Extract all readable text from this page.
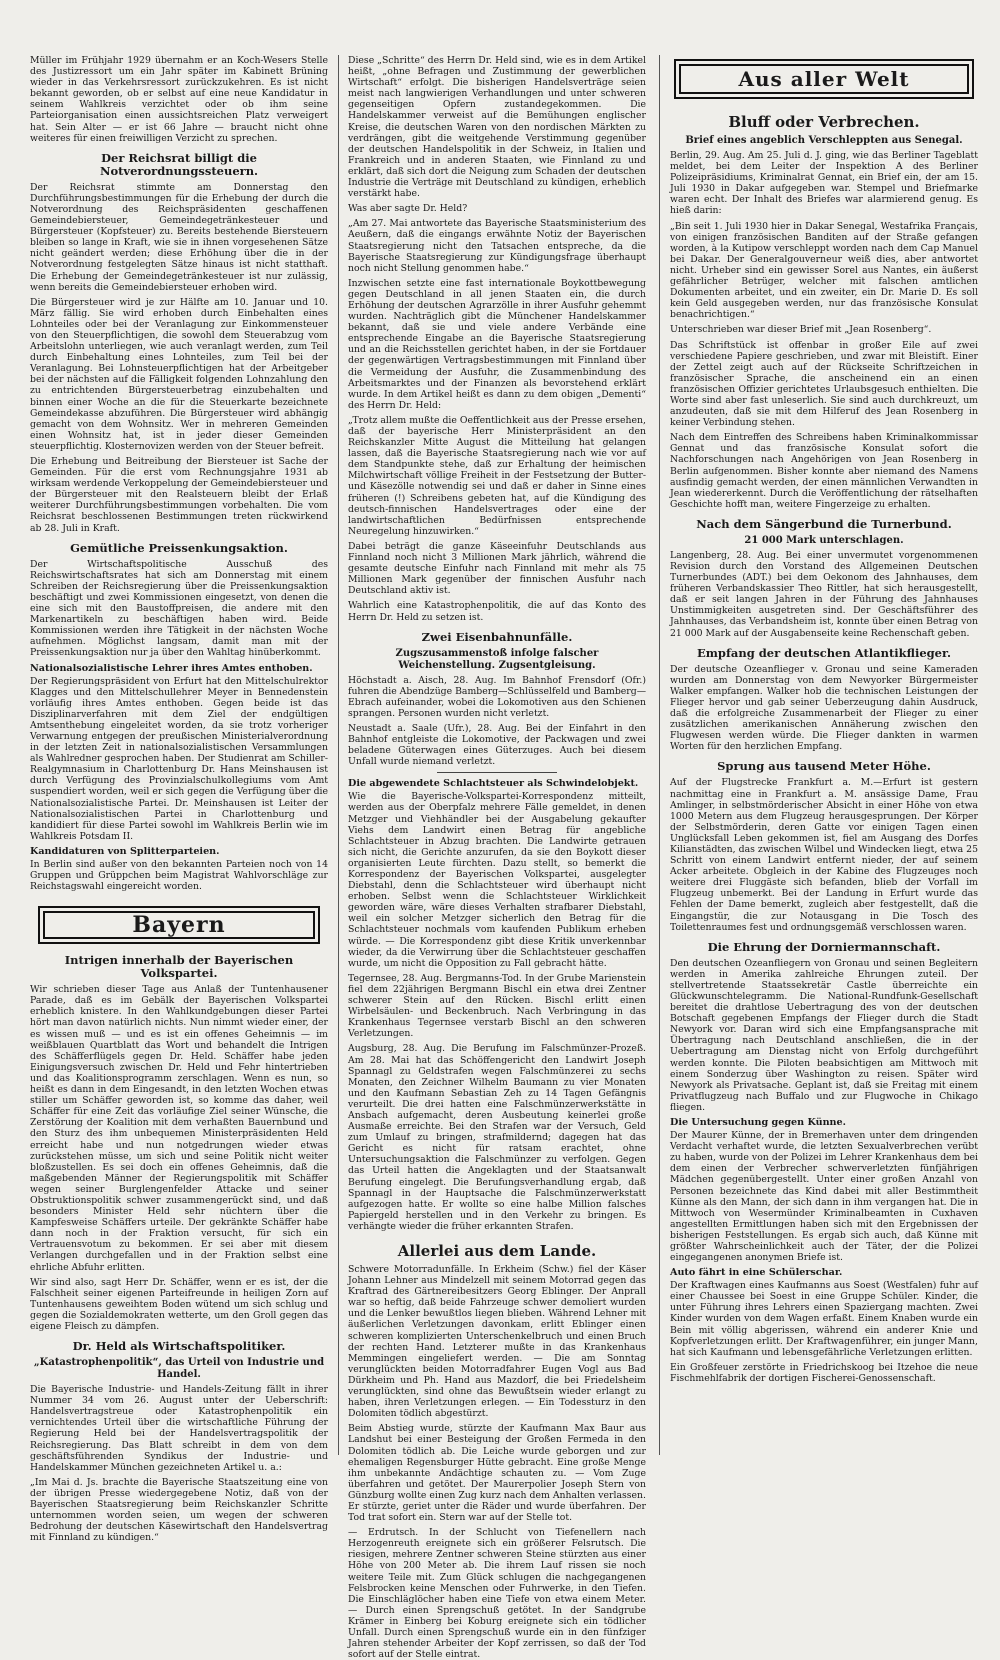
Müller im Frühjahr 1929 übernahm er an Koch-Wesers Stelle des Justizressort um ein Jahr später im Kabinett Brüning wieder in das Verkehrsressort zurückzukehren. Es ist nicht bekannt geworden, ob er selbst auf eine neue Kandidatur in seinem Wahlkreis verzichtet oder ob ihm seine Parteiorganisation einen aussichtsreichen Platz verweigert hat. Sein Alter — er ist 66 Jahre — braucht nicht ohne weiteres für einen freiwilligen Verzicht zu sprechen.

Der Reichsrat billigt die Notverordnungssteuern.

Der Reichsrat stimmte am Donnerstag den Durchführungsbestimmungen für die Erhebung der durch die Notverordnung des Reichspräsidenten geschaffenen Gemeindebiersteuer, Gemeindegetränkesteuer und Bürgersteuer (Kopfsteuer) zu. Bereits bestehende Biersteuern bleiben so lange in Kraft, wie sie in ihnen vorgesehenen Sätze nicht geändert werden; diese Erhöhung über die in der Notverordnung festgelegten Sätze hinaus ist nicht statthaft. Die Erhebung der Gemeindegetränkesteuer ist nur zulässig, wenn bereits die Gemeindebiersteuer erhoben wird.

Die Bürgersteuer wird je zur Hälfte am 10. Januar und 10. März fällig. Sie wird erhoben durch Einbehalten eines Lohnteiles oder bei der Veranlagung zur Einkommensteuer von den Steuerpflichtigen, die sowohl dem Steuerabzug vom Arbeitslohn unterliegen, wie auch veranlagt werden, zum Teil durch Einbehaltung eines Lohnteiles, zum Teil bei der Veranlagung. Bei Lohnsteuerpflichtigen hat der Arbeitgeber bei der nächsten auf die Fälligkeit folgenden Lohnzahlung den zu entrichtenden Bürgersteuerbetrag einzubehalten und binnen einer Woche an die für die Steuerkarte bezeichnete Gemeindekasse abzuführen. Die Bürgersteuer wird abhängig gemacht von dem Wohnsitz. Wer in mehreren Gemeinden einen Wohnsitz hat, ist in jeder dieser Gemeinden steuerpflichtig. Klosternovizen werden von der Steuer befreit.

Die Erhebung und Beitreibung der Biersteuer ist Sache der Gemeinden. Für die erst vom Rechnungsjahre 1931 ab wirksam werdende Verkoppelung der Gemeindebiersteuer und der Bürgersteuer mit den Realsteuern bleibt der Erlaß weiterer Durchführungsbestimmungen vorbehalten. Die vom Reichsrat beschlossenen Bestimmungen treten rückwirkend ab 28. Juli in Kraft.

Gemütliche Preissenkungsaktion.

Der Wirtschaftspolitische Ausschuß des Reichswirtschaftsrates hat sich am Donnerstag mit einem Schreiben der Reichsregierung über die Preissenkungsaktion beschäftigt und zwei Kommissionen eingesetzt, von denen die eine sich mit den Baustoffpreisen, die andere mit den Markenartikeln zu beschäftigen haben wird. Beide Kommissionen werden ihre Tätigkeit in der nächsten Woche aufnehmen. Möglichst langsam, damit man mit der Preissenkungsaktion nur ja über den Wahltag hinüberkommt.

Nationalsozialistische Lehrer ihres Amtes enthoben.

Der Regierungspräsident von Erfurt hat den Mittelschulrektor Klagges und den Mittelschullehrer Meyer in Bennedenstein vorläufig ihres Amtes enthoben. Gegen beide ist das Disziplinarverfahren mit dem Ziel der endgültigen Amtsenthebung eingeleitet worden, da sie trotz vorheriger Verwarnung entgegen der preußischen Ministerialverordnung in der letzten Zeit in nationalsozialistischen Versammlungen als Wahlredner gesprochen haben. Der Studienrat am Schiller-Realgymnasium in Charlottenburg Dr. Hans Meinshausen ist durch Verfügung des Provinzialschulkollegiums vom Amt suspendiert worden, weil er sich gegen die Verfügung über die Nationalsozialistische Partei. Dr. Meinshausen ist Leiter der Nationalsozialistischen Partei in Charlottenburg und kandidiert für diese Partei sowohl im Wahlkreis Berlin wie im Wahlkreis Potsdam II.

Kandidaturen von Splitterparteien.

In Berlin sind außer von den bekannten Parteien noch von 14 Gruppen und Grüppchen beim Magistrat Wahlvorschläge zur Reichstagswahl eingereicht worden.

Bayern
Intrigen innerhalb der Bayerischen Volkspartei.

Wir schrieben dieser Tage aus Anlaß der Tuntenhausener Parade, daß es im Gebälk der Bayerischen Volkspartei erheblich knistere. In den Wahlkundgebungen dieser Partei hört man davon natürlich nichts. Nun nimmt wieder einer, der es wissen muß — und es ist ein offenes Geheimnis — im weißblauen Quartblatt das Wort und behandelt die Intrigen des Schäfferflügels gegen Dr. Held. Schäffer habe jeden Einigungsversuch zwischen Dr. Held und Fehr hintertrieben und das Koalitionsprogramm zerschlagen. Wenn es nun, so heißt es dann in dem Eingesandt, in den letzten Wochen etwas stiller um Schäffer geworden ist, so komme das daher, weil Schäffer für eine Zeit das vorläufige Ziel seiner Wünsche, die Zerstörung der Koalition mit dem verhaßten Bauernbund und den Sturz des ihm unbequemen Ministerpräsidenten Held erreicht habe und nun notgedrungen wieder etwas zurückstehen müsse, um sich und seine Politik nicht weiter bloßzustellen. Es sei doch ein offenes Geheimnis, daß die maßgebenden Männer der Regierungspolitik mit Schäffer wegen seiner Burglengenfelder Attacke und seiner Obstruktionspolitik schwer zusammengerückt sind, und daß besonders Minister Held sehr nüchtern über die Kampfesweise Schäffers urteile. Der gekränkte Schäffer habe dann noch in der Fraktion versucht, für sich ein Vertrauensvotum zu bekommen. Er sei aber mit diesem Verlangen durchgefallen und in der Fraktion selbst eine ehrliche Abfuhr erlitten.

Wir sind also, sagt Herr Dr. Schäffer, wenn er es ist, der die Falschheit seiner eigenen Parteifreunde in heiligen Zorn auf Tuntenhausens geweihtem Boden wütend um sich schlug und gegen die Sozialdemokraten wetterte, um den Groll gegen das eigene Fleisch zu dämpfen.

Dr. Held als Wirtschaftspolitiker.
„Katastrophenpolitik“, das Urteil von Industrie und Handel.

Die Bayerische Industrie- und Handels-Zeitung fällt in ihrer Nummer 34 vom 26. August unter der Ueberschrift: Handelsvertragstreue oder Katastrophenpolitik ein vernichtendes Urteil über die wirtschaftliche Führung der Regierung Held bei der Handelsvertragspolitik der Reichsregierung. Das Blatt schreibt in dem von dem geschäftsführenden Syndikus der Industrie- und Handelskammer München gezeichneten Artikel u. a.:

„Im Mai d. Js. brachte die Bayerische Staatszeitung eine von der übrigen Presse wiedergegebene Notiz, daß von der Bayerischen Staatsregierung beim Reichskanzler Schritte unternommen worden seien, um wegen der schweren Bedrohung der deutschen Käsewirtschaft den Handelsvertrag mit Finnland zu kündigen.“

Diese „Schritte“ des Herrn Dr. Held sind, wie es in dem Artikel heißt, „ohne Befragen und Zustimmung der gewerblichen Wirtschaft“ erfolgt. Die bisherigen Handelsverträge seien meist nach langwierigen Verhandlungen und unter schweren gegenseitigen Opfern zustandegekommen. Die Handelskammer verweist auf die Bemühungen englischer Kreise, die deutschen Waren von den nordischen Märkten zu verdrängen, gibt die weitgehende Verstimmung gegenüber der deutschen Handelspolitik in der Schweiz, in Italien und Frankreich und in anderen Staaten, wie Finnland zu und erklärt, daß sich dort die Neigung zum Schaden der deutschen Industrie die Verträge mit Deutschland zu kündigen, erheblich verstärkt habe.

Was aber sagte Dr. Held?

„Am 27. Mai antwortete das Bayerische Staatsministerium des Aeußern, daß die eingangs erwähnte Notiz der Bayerischen Staatsregierung nicht den Tatsachen entspreche, da die Bayerische Staatsregierung zur Kündigungsfrage überhaupt noch nicht Stellung genommen habe.“

Inzwischen setzte eine fast internationale Boykottbewegung gegen Deutschland in all jenen Staaten ein, die durch Erhöhung der deutschen Agrarzölle in ihrer Ausfuhr gehemmt wurden. Nachträglich gibt die Münchener Handelskammer bekannt, daß sie und viele andere Verbände eine entsprechende Eingabe an die Bayerische Staatsregierung und an die Reichsstellen gerichtet haben, in der sie Fortdauer der gegenwärtigen Vertragsbestimmungen mit Finnland über die Vermeidung der Ausfuhr, die Zusammenbindung des Arbeitsmarktes und der Finanzen als bevorstehend erklärt wurde. In dem Artikel heißt es dann zu dem obigen „Dementi“ des Herrn Dr. Held:

„Trotz allem mußte die Oeffentlichkeit aus der Presse ersehen, daß der bayerische Herr Ministerpräsident an den Reichskanzler Mitte August die Mitteilung hat gelangen lassen, daß die Bayerische Staatsregierung nach wie vor auf dem Standpunkte stehe, daß zur Erhaltung der heimischen Milchwirtschaft völlige Freiheit in der Festsetzung der Butter- und Käsezölle notwendig sei und daß er daher in Sinne eines früheren (!) Schreibens gebeten hat, auf die Kündigung des deutsch-finnischen Handelsvertrages oder eine der landwirtschaftlichen Bedürfnissen entsprechende Neuregelung hinzuwirken.“

Dabei beträgt die ganze Käseeinfuhr Deutschlands aus Finnland noch nicht 3 Millionen Mark jährlich, während die gesamte deutsche Einfuhr nach Finnland mit mehr als 75 Millionen Mark gegenüber der finnischen Ausfuhr nach Deutschland aktiv ist.

Wahrlich eine Katastrophenpolitik, die auf das Konto des Herrn Dr. Held zu setzen ist.

Zwei Eisenbahnunfälle.
Zugszusammenstoß infolge falscher Weichenstellung. Zugsentgleisung.

Höchstadt a. Aisch, 28. Aug. Im Bahnhof Frensdorf (Ofr.) fuhren die Abendzüge Bamberg—Schlüsselfeld und Bamberg—Ebrach aufeinander, wobei die Lokomotiven aus den Schienen sprangen. Personen wurden nicht verletzt.

Neustadt a. Saale (Ufr.), 28. Aug. Bei der Einfahrt in den Bahnhof entgleiste die Lokomotive, der Packwagen und zwei beladene Güterwagen eines Güterzuges. Auch bei diesem Unfall wurde niemand verletzt.

Die abgewendete Schlachtsteuer als Schwindelobjekt.

Wie die Bayerische-Volkspartei-Korrespondenz mitteilt, werden aus der Oberpfalz mehrere Fälle gemeldet, in denen Metzger und Viehhändler bei der Ausgabelung gekaufter Viehs dem Landwirt einen Betrag für angebliche Schlachtsteuer in Abzug brachten. Die Landwirte getrauen sich nicht, die Gerichte anzurufen, da sie den Boykott dieser organisierten Leute fürchten. Dazu stellt, so bemerkt die Korrespondenz der Bayerischen Volkspartei, ausgelegter Diebstahl, denn die Schlachtsteuer wird überhaupt nicht erhoben. Selbst wenn die Schlachtsteuer Wirklichkeit geworden wäre, wäre dieses Verhalten strafbarer Diebstahl, weil ein solcher Metzger sicherlich den Betrag für die Schlachtsteuer nochmals vom kaufenden Publikum erheben würde. — Die Korrespondenz gibt diese Kritik unverkennbar wieder, da die Verwirrung über die Schlachtsteuer geschaffen wurde, um nicht die Opposition zu Fall gebracht hätte.

Tegernsee, 28. Aug. Bergmanns-Tod. In der Grube Marienstein fiel dem 22jährigen Bergmann Bischl ein etwa drei Zentner schwerer Stein auf den Rücken. Bischl erlitt einen Wirbelsäulen- und Beckenbruch. Nach Verbringung in das Krankenhaus Tegernsee verstarb Bischl an den schweren Verletzungen.

Augsburg, 28. Aug. Die Berufung im Falschmünzer-Prozeß. Am 28. Mai hat das Schöffengericht den Landwirt Joseph Spannagl zu Geldstrafen wegen Falschmünzerei zu sechs Monaten, den Zeichner Wilhelm Baumann zu vier Monaten und den Kaufmann Sebastian Zeh zu 14 Tagen Gefängnis verurteilt. Die drei hatten eine Falschmünzerwerkstätte in Ansbach aufgemacht, deren Ausbeutung keinerlei große Ausmaße erreichte. Bei den Strafen war der Versuch, Geld zum Umlauf zu bringen, strafmildernd; dagegen hat das Gericht es nicht für ratsam erachtet, ohne Untersuchungsaktion die Falschmünzer zu verfolgen. Gegen das Urteil hatten die Angeklagten und der Staatsanwalt Berufung eingelegt. Die Berufungsverhandlung ergab, daß Spannagl in der Hauptsache die Falschmünzerwerkstatt aufgezogen hatte. Er wollte so eine halbe Million falsches Papiergeld herstellen und in den Verkehr zu bringen. Es verhängte wieder die früher erkannten Strafen.

Allerlei aus dem Lande.

Schwere Motorradunfälle. In Erkheim (Schw.) fiel der Käser Johann Lehner aus Mindelzell mit seinem Motorrad gegen das Kraftrad des Gärtnereibesitzers Georg Eblinger. Der Anprall war so heftig, daß beide Fahrzeuge schwer demoliert wurden und die Lenker bewußtlos liegen blieben. Während Lehner mit äußerlichen Verletzungen davonkam, erlitt Eblinger einen schweren komplizierten Unterschenkelbruch und einen Bruch der rechten Hand. Letzterer mußte in das Krankenhaus Memmingen eingeliefert werden. — Die am Sonntag verunglückten beiden Motorradfahrer Eugen Vogl aus Bad Dürkheim und Ph. Hand aus Mazdorf, die bei Friedelsheim verunglückten, sind ohne das Bewußtsein wieder erlangt zu haben, ihren Verletzungen erlegen. — Ein Todessturz in den Dolomiten tödlich abgestürzt.

Beim Abstieg wurde, stürzte der Kaufmann Max Baur aus Landshut bei einer Besteigung der Großen Fermeda in den Dolomiten tödlich ab. Die Leiche wurde geborgen und zur ehemaligen Regensburger Hütte gebracht. Eine große Menge ihm unbekannte Andächtige schauten zu. — Vom Zuge überfahren und getötet. Der Maurerpolier Joseph Stern von Günzburg wollte einen Zug kurz nach dem Anhalten verlassen. Er stürzte, geriet unter die Räder und wurde überfahren. Der Tod trat sofort ein. Stern war auf der Stelle tot.

— Erdrutsch. In der Schlucht von Tiefenellern nach Herzogenreuth ereignete sich ein größerer Felsrutsch. Die riesigen, mehrere Zentner schweren Steine stürzten aus einer Höhe von 200 Meter ab. Die ihrem Lauf rissen sie noch weitere Teile mit. Zum Glück schlugen die nachgegangenen Felsbrocken keine Menschen oder Fuhrwerke, in den Tiefen. Die Einschläglöcher haben eine Tiefe von etwa einem Meter. — Durch einen Sprengschuß getötet. In der Sandgrube Krämer in Einberg bei Koburg ereignete sich ein tödlicher Unfall. Durch einen Sprengschuß wurde ein in den fünfziger Jahren stehender Arbeiter der Kopf zerrissen, so daß der Tod sofort auf der Stelle eintrat.

Aus aller Welt
Bluff oder Verbrechen.
Brief eines angeblich Verschleppten aus Senegal.

Berlin, 29. Aug. Am 25. Juli d. J. ging, wie das Berliner Tageblatt meldet, bei dem Leiter der Inspektion A des Berliner Polizeipräsidiums, Kriminalrat Gennat, ein Brief ein, der am 15. Juli 1930 in Dakar aufgegeben war. Stempel und Briefmarke waren echt. Der Inhalt des Briefes war alarmierend genug. Es hieß darin:

„Bin seit 1. Juli 1930 hier in Dakar Senegal, Westafrika Français, von einigen französischen Banditen auf der Straße gefangen worden, à la Kutipow verschleppt worden nach dem Cap Manuel bei Dakar. Der Generalgouverneur weiß dies, aber antwortet nicht. Urheber sind ein gewisser Sorel aus Nantes, ein äußerst gefährlicher Betrüger, welcher mit falschen amtlichen Dokumenten arbeitet, und ein zweiter, ein Dr. Marie D. Es soll kein Geld ausgegeben werden, nur das französische Konsulat benachrichtigen.“

Unterschrieben war dieser Brief mit „Jean Rosenberg“.

Das Schriftstück ist offenbar in großer Eile auf zwei verschiedene Papiere geschrieben, und zwar mit Bleistift. Einer der Zettel zeigt auch auf der Rückseite Schriftzeichen in französischer Sprache, die anscheinend ein an einen französischen Offizier gerichtetes Urlaubsgesuch enthielten. Die Worte sind aber fast unleserlich. Sie sind auch durchkreuzt, um anzudeuten, daß sie mit dem Hilferuf des Jean Rosenberg in keiner Verbindung stehen.

Nach dem Eintreffen des Schreibens haben Kriminalkommissar Gennat und das französische Konsulat sofort die Nachforschungen nach Angehörigen von Jean Rosenberg in Berlin aufgenommen. Bisher konnte aber niemand des Namens ausfindig gemacht werden, der einen männlichen Verwandten in Jean wiedererkennt. Durch die Veröffentlichung der rätselhaften Geschichte hofft man, weitere Fingerzeige zu erhalten.

Nach dem Sängerbund die Turnerbund.
21 000 Mark unterschlagen.

Langenberg, 28. Aug. Bei einer unvermutet vorgenommenen Revision durch den Vorstand des Allgemeinen Deutschen Turnerbundes (ADT.) bei dem Oekonom des Jahnhauses, dem früheren Verbandskassier Theo Rittler, hat sich herausgestellt, daß er seit langen Jahren in der Führung des Jahnhauses Unstimmigkeiten ausgetreten sind. Der Geschäftsführer des Jahnhauses, das Verbandsheim ist, konnte über einen Betrag von 21 000 Mark auf der Ausgabenseite keine Rechenschaft geben.

Empfang der deutschen Atlantikflieger.

Der deutsche Ozeanflieger v. Gronau und seine Kameraden wurden am Donnerstag von dem Newyorker Bürgermeister Walker empfangen. Walker hob die technischen Leistungen der Flieger hervor und gab seiner Ueberzeugung dahin Ausdruck, daß die erfolgreiche Zusammenarbeit der Flieger zu einer zusätzlichen amerikanischen Annäherung zwischen den Flugwesen werden würde. Die Flieger dankten in warmen Worten für den herzlichen Empfang.

Sprung aus tausend Meter Höhe.

Auf der Flugstrecke Frankfurt a. M.—Erfurt ist gestern nachmittag eine in Frankfurt a. M. ansässige Dame, Frau Amlinger, in selbstmörderischer Absicht in einer Höhe von etwa 1000 Metern aus dem Flugzeug herausgesprungen. Der Körper der Selbstmörderin, deren Gatte vor einigen Tagen einen Unglücksfall Leben gekommen ist, fiel am Ausgang des Dorfes Kilianstädten, das zwischen Wilbel und Windecken liegt, etwa 25 Schritt von einem Landwirt entfernt nieder, der auf seinem Acker arbeitete. Obgleich in der Kabine des Flugzeuges noch weitere drei Fluggäste sich befanden, blieb der Vorfall im Flugzeug unbemerkt. Bei der Landung in Erfurt wurde das Fehlen der Dame bemerkt, zugleich aber festgestellt, daß die Eingangstür, die zur Notausgang in Die Tosch des Toilettenraumes fest und ordnungsgemäß verschlossen waren.

Die Ehrung der Dorniermannschaft.

Den deutschen Ozeanfliegern von Gronau und seinen Begleitern werden in Amerika zahlreiche Ehrungen zuteil. Der stellvertretende Staatssekretär Castle überreichte ein Glückwunschtelegramm. Die National-Rundfunk-Gesellschaft bereitet die drahtlose Uebertragung des von der deutschen Botschaft gegebenen Empfangs der Flieger durch die Stadt Newyork vor. Daran wird sich eine Empfangsansprache mit Übertragung nach Deutschland anschließen, die in der Uebertragung am Dienstag nicht von Erfolg durchgeführt werden konnte. Die Piloten beabsichtigen am Mittwoch mit einem Sonderzug über Washington zu reisen. Später wird Newyork als Privatsache. Geplant ist, daß sie Freitag mit einem Privatflugzeug nach Buffalo und zur Flugwoche in Chikago fliegen.

Die Untersuchung gegen Künne.

Der Maurer Künne, der in Bremerhaven unter dem dringenden Verdacht verhaftet wurde, die letzten Sexualverbrechen verübt zu haben, wurde von der Polizei im Lehrer Krankenhaus dem bei dem einen der Verbrecher schwerverletzten fünfjährigen Mädchen gegenübergestellt. Unter einer großen Anzahl von Personen bezeichnete das Kind dabei mit aller Bestimmtheit Künne als den Mann, der sich dann in ihm vergangen hat. Die in Mittwoch von Wesermünder Kriminalbeamten in Cuxhaven angestellten Ermittlungen haben sich mit den Ergebnissen der bisherigen Feststellungen. Es ergab sich auch, daß Künne mit größter Wahrscheinlichkeit auch der Täter, der die Polizei eingegangenen anonymen Briefe ist.

Auto fährt in eine Schülerschar.

Der Kraftwagen eines Kaufmanns aus Soest (Westfalen) fuhr auf einer Chaussee bei Soest in eine Gruppe Schüler. Kinder, die unter Führung ihres Lehrers einen Spaziergang machten. Zwei Kinder wurden von dem Wagen erfaßt. Einem Knaben wurde ein Bein mit völlig abgerissen, während ein anderer Knie und Kopfverletzungen erlitt. Der Kraftwagenführer, ein junger Mann, hat sich Kaufmann und lebensgefährliche Verletzungen erlitten.

Ein Großfeuer zerstörte in Friedrichskoog bei Itzehoe die neue Fischmehlfabrik der dortigen Fischerei-Genossenschaft.
